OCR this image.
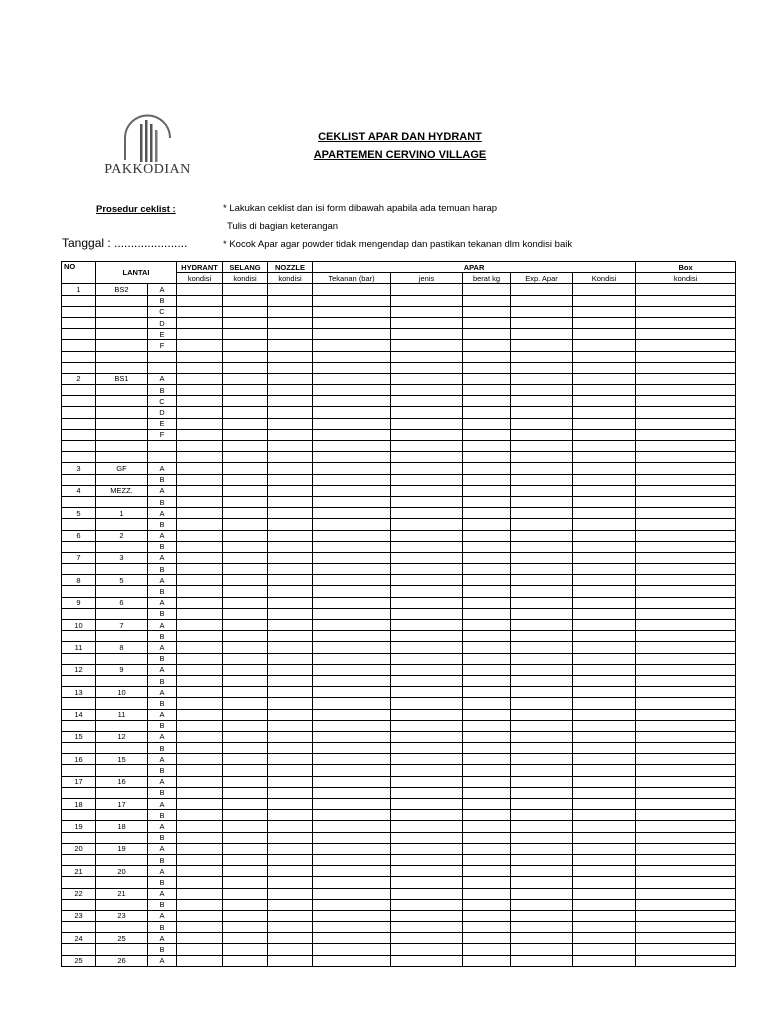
PAKKODIAN
CEKLIST APAR DAN HYDRANT
APARTEMEN CERVINO VILLAGE
Prosedur ceklist :	* Lakukan ceklist dan isi form dibawah apabila ada temuan harap
Tulis di bagian keterangan
* Kocok Apar agar powder tidak mengendap dan pastikan tekanan dlm kondisi baik
Tanggal : ......................
NO	LANTAI		HYDRANT	SELANG	NOZZLE	APAR					Box
			kondisi	kondisi	kondisi	Tekanan (bar)	jenis	berat kg	Exp. Apar	Kondisi	kondisi
1	BS2	A									
		B									
		C									
		D									
		E									
		F									

2	BS1	A									
		B									
		C									
		D									
		E									
		F									

3	GF	A									
		B									
4	MEZZ.	A									
		B									
5	1	A									
		B									
6	2	A									
		B									
7	3	A									
		B									
8	5	A									
		B									
9	6	A									
		B									
10	7	A									
		B									
11	8	A									
		B									
12	9	A									
		B									
13	10	A									
		B									
14	11	A									
		B									
15	12	A									
		B									
16	15	A									
		B									
17	16	A									
		B									
18	17	A									
		B									
19	18	A									
		B									
20	19	A									
		B									
21	20	A									
		B									
22	21	A									
		B									
23	23	A									
		B									
24	25	A									
		B									
25	26	A									
